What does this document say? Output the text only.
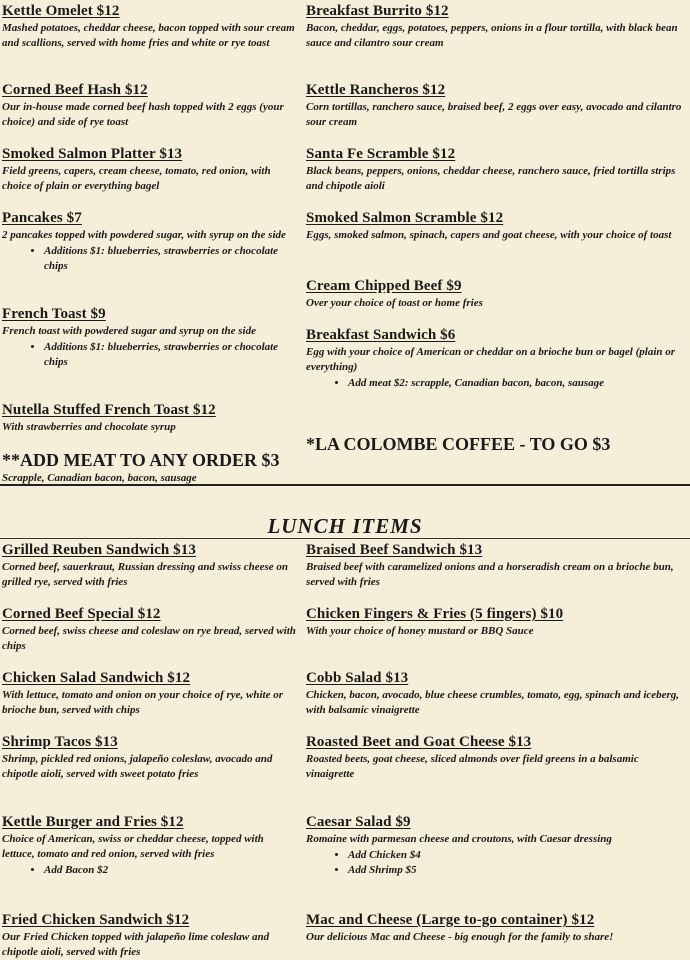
Kettle Omelet $12
Mashed potatoes, cheddar cheese, bacon topped with sour cream and scallions, served with home fries and white or rye toast
Corned Beef Hash $12
Our in-house made corned beef hash topped with 2 eggs (your choice) and side of rye toast
Smoked Salmon Platter $13
Field greens, capers, cream cheese, tomato, red onion, with choice of plain or everything bagel
Pancakes $7
2 pancakes topped with powdered sugar, with syrup on the side
• Additions $1: blueberries, strawberries or chocolate chips
French Toast $9
French toast with powdered sugar and syrup on the side
• Additions $1: blueberries, strawberries or chocolate chips
Nutella Stuffed French Toast $12
With strawberries and chocolate syrup
**ADD MEAT TO ANY ORDER $3
Scrapple, Canadian bacon, bacon, sausage
Breakfast Burrito $12
Bacon, cheddar, eggs, potatoes, peppers, onions in a flour tortilla, with black bean sauce and cilantro sour cream
Kettle Rancheros $12
Corn tortillas, ranchero sauce, braised beef, 2 eggs over easy, avocado and cilantro sour cream
Santa Fe Scramble $12
Black beans, peppers, onions, cheddar cheese, ranchero sauce, fried tortilla strips and chipotle aioli
Smoked Salmon Scramble $12
Eggs, smoked salmon, spinach, capers and goat cheese, with your choice of toast
Cream Chipped Beef $9
Over your choice of toast or home fries
Breakfast Sandwich $6
Egg with your choice of American or cheddar on a brioche bun or bagel (plain or everything)
• Add meat $2: scrapple, Canadian bacon, bacon, sausage
*LA COLOMBE COFFEE - TO GO $3
LUNCH ITEMS
Grilled Reuben Sandwich $13
Corned beef, sauerkraut, Russian dressing and swiss cheese on grilled rye, served with fries
Corned Beef Special $12
Corned beef, swiss cheese and coleslaw on rye bread, served with chips
Chicken Salad Sandwich $12
With lettuce, tomato and onion on your choice of rye, white or brioche bun, served with chips
Shrimp Tacos $13
Shrimp, pickled red onions, jalapeño coleslaw, avocado and chipotle aioli, served with sweet potato fries
Kettle Burger and Fries $12
Choice of American, swiss or cheddar cheese, topped with lettuce, tomato and red onion, served with fries
• Add Bacon $2
Fried Chicken Sandwich $12
Our Fried Chicken topped with jalapeño lime coleslaw and chipotle aioli, served with fries
Braised Beef Sandwich $13
Braised beef with caramelized onions and a horseradish cream on a brioche bun, served with fries
Chicken Fingers & Fries (5 fingers) $10
With your choice of honey mustard or BBQ Sauce
Cobb Salad $13
Chicken, bacon, avocado, blue cheese crumbles, tomato, egg, spinach and iceberg, with balsamic vinaigrette
Roasted Beet and Goat Cheese $13
Roasted beets, goat cheese, sliced almonds over field greens in a balsamic vinaigrette
Caesar Salad $9
Romaine with parmesan cheese and croutons, with Caesar dressing
• Add Chicken $4
• Add Shrimp $5
Mac and Cheese (Large to-go container) $12
Our delicious Mac and Cheese - big enough for the family to share!
